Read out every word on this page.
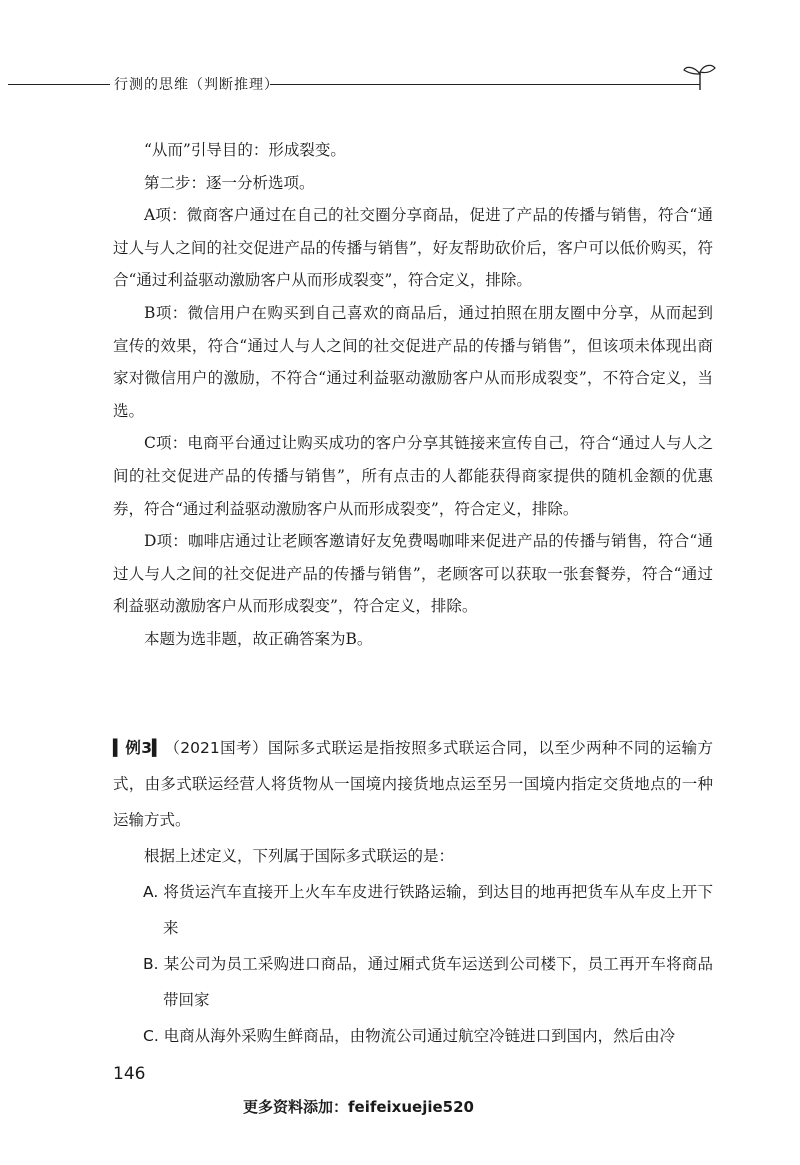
行测的思维（判断推理）

“从而”引导目的：形成裂变。

第二步：逐一分析选项。

A项：微商客户通过在自己的社交圈分享商品，促进了产品的传播与销售，符合“通过人与人之间的社交促进产品的传播与销售”，好友帮助砍价后，客户可以低价购买，符合“通过利益驱动激励客户从而形成裂变”，符合定义，排除。

B项：微信用户在购买到自己喜欢的商品后，通过拍照在朋友圈中分享，从而起到宣传的效果，符合“通过人与人之间的社交促进产品的传播与销售”，但该项未体现出商家对微信用户的激励，不符合“通过利益驱动激励客户从而形成裂变”，不符合定义，当选。

C项：电商平台通过让购买成功的客户分享其链接来宣传自己，符合“通过人与人之间的社交促进产品的传播与销售”，所有点击的人都能获得商家提供的随机金额的优惠券，符合“通过利益驱动激励客户从而形成裂变”，符合定义，排除。

D项：咖啡店通过让老顾客邀请好友免费喝咖啡来促进产品的传播与销售，符合“通过人与人之间的社交促进产品的传播与销售”，老顾客可以获取一张套餐券，符合“通过利益驱动激励客户从而形成裂变”，符合定义，排除。

本题为选非题，故正确答案为B。

▍例3▍（2021国考）国际多式联运是指按照多式联运合同，以至少两种不同的运输方式，由多式联运经营人将货物从一国境内接货地点运至另一国境内指定交货地点的一种运输方式。

根据上述定义，下列属于国际多式联运的是：

A. 将货运汽车直接开上火车车皮进行铁路运输，到达目的地再把货车从车皮上开下来

B. 某公司为员工采购进口商品，通过厢式货车运送到公司楼下，员工再开车将商品带回家

C. 电商从海外采购生鲜商品，由物流公司通过航空冷链进口到国内，然后由冷

146
更多资料添加：feifeixuejie520
